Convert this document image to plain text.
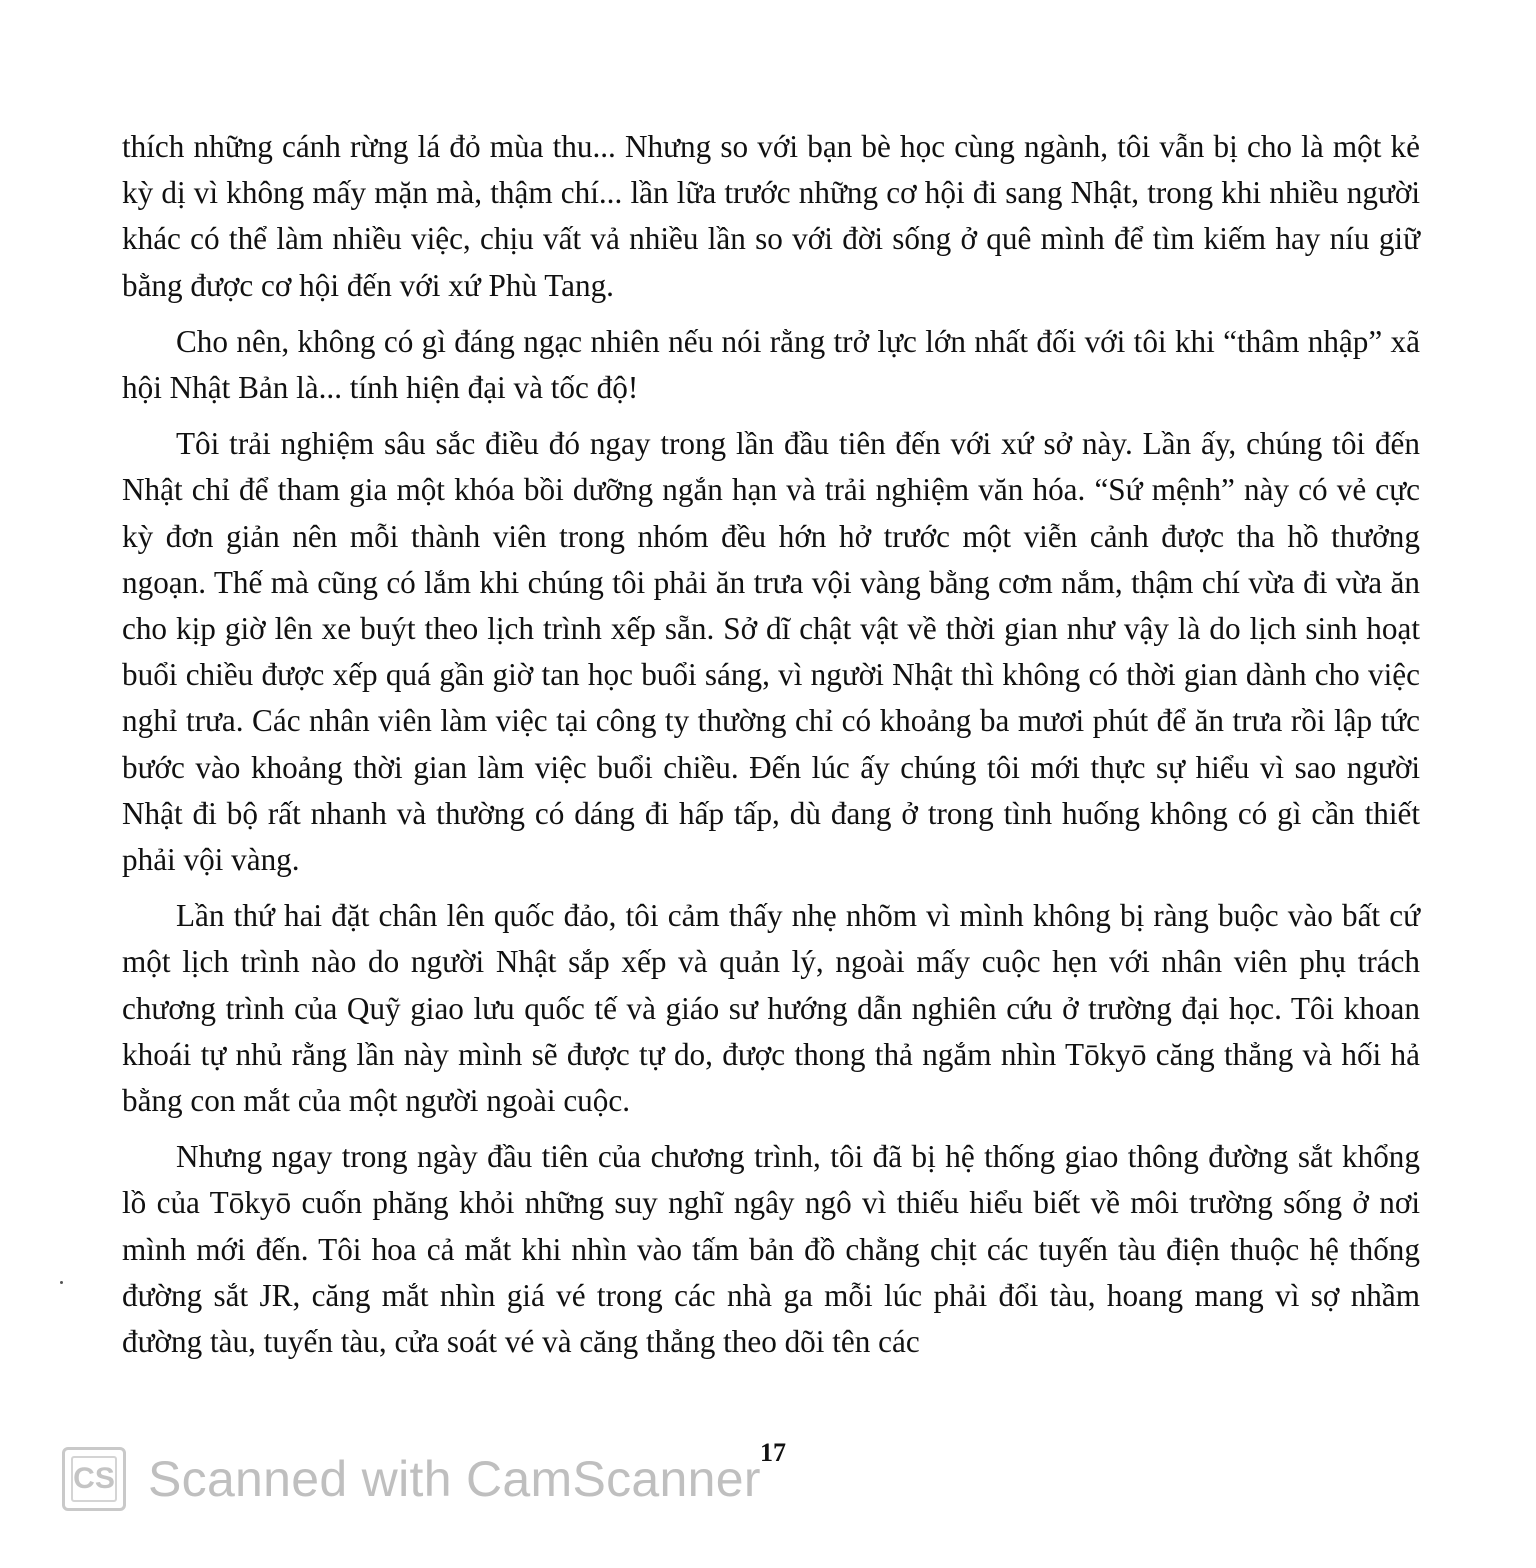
thích những cánh rừng lá đỏ mùa thu... Nhưng so với bạn bè học cùng ngành, tôi vẫn bị cho là một kẻ kỳ dị vì không mấy mặn mà, thậm chí... lần lữa trước những cơ hội đi sang Nhật, trong khi nhiều người khác có thể làm nhiều việc, chịu vất vả nhiều lần so với đời sống ở quê mình để tìm kiếm hay níu giữ bằng được cơ hội đến với xứ Phù Tang.

Cho nên, không có gì đáng ngạc nhiên nếu nói rằng trở lực lớn nhất đối với tôi khi “thâm nhập” xã hội Nhật Bản là... tính hiện đại và tốc độ!

Tôi trải nghiệm sâu sắc điều đó ngay trong lần đầu tiên đến với xứ sở này. Lần ấy, chúng tôi đến Nhật chỉ để tham gia một khóa bồi dưỡng ngắn hạn và trải nghiệm văn hóa. “Sứ mệnh” này có vẻ cực kỳ đơn giản nên mỗi thành viên trong nhóm đều hớn hở trước một viễn cảnh được tha hồ thưởng ngoạn. Thế mà cũng có lắm khi chúng tôi phải ăn trưa vội vàng bằng cơm nắm, thậm chí vừa đi vừa ăn cho kịp giờ lên xe buýt theo lịch trình xếp sẵn. Sở dĩ chật vật về thời gian như vậy là do lịch sinh hoạt buổi chiều được xếp quá gần giờ tan học buổi sáng, vì người Nhật thì không có thời gian dành cho việc nghỉ trưa. Các nhân viên làm việc tại công ty thường chỉ có khoảng ba mươi phút để ăn trưa rồi lập tức bước vào khoảng thời gian làm việc buổi chiều. Đến lúc ấy chúng tôi mới thực sự hiểu vì sao người Nhật đi bộ rất nhanh và thường có dáng đi hấp tấp, dù đang ở trong tình huống không có gì cần thiết phải vội vàng.

Lần thứ hai đặt chân lên quốc đảo, tôi cảm thấy nhẹ nhõm vì mình không bị ràng buộc vào bất cứ một lịch trình nào do người Nhật sắp xếp và quản lý, ngoài mấy cuộc hẹn với nhân viên phụ trách chương trình của Quỹ giao lưu quốc tế và giáo sư hướng dẫn nghiên cứu ở trường đại học. Tôi khoan khoái tự nhủ rằng lần này mình sẽ được tự do, được thong thả ngắm nhìn Tōkyō căng thẳng và hối hả bằng con mắt của một người ngoài cuộc.

Nhưng ngay trong ngày đầu tiên của chương trình, tôi đã bị hệ thống giao thông đường sắt khổng lồ của Tōkyō cuốn phăng khỏi những suy nghĩ ngây ngô vì thiếu hiểu biết về môi trường sống ở nơi mình mới đến. Tôi hoa cả mắt khi nhìn vào tấm bản đồ chằng chịt các tuyến tàu điện thuộc hệ thống đường sắt JR, căng mắt nhìn giá vé trong các nhà ga mỗi lúc phải đổi tàu, hoang mang vì sợ nhầm đường tàu, tuyến tàu, cửa soát vé và căng thẳng theo dõi tên các

17
CS Scanned with CamScanner
